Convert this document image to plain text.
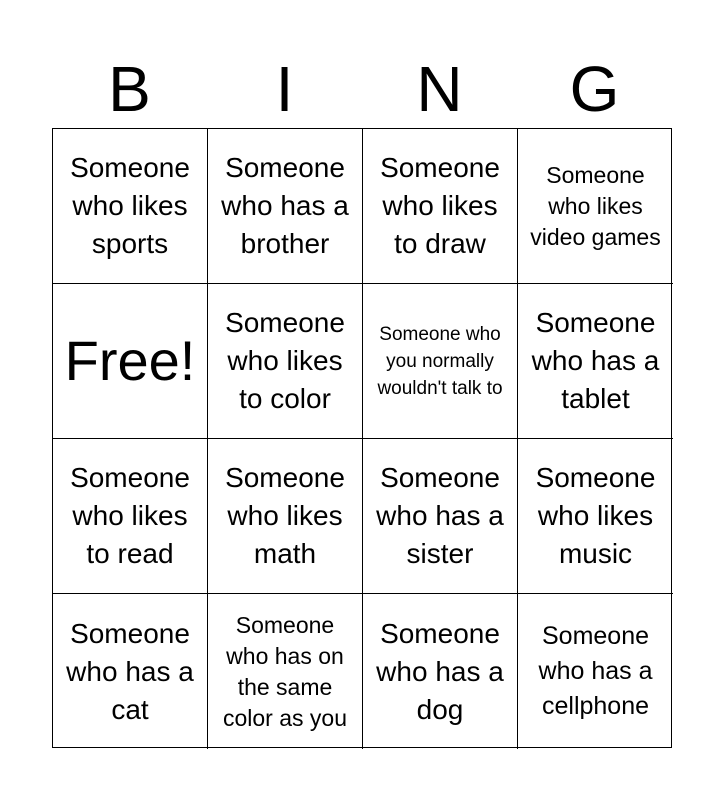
B	I	N	G
Someone who likes sports
Someone who has a brother
Someone who likes to draw
Someone who likes video games
Free!
Someone who likes to color
Someone who you normally wouldn't talk to
Someone who has a tablet
Someone who likes to read
Someone who likes math
Someone who has a sister
Someone who likes music
Someone who has a cat
Someone who has on the same color as you
Someone who has a dog
Someone who has a cellphone
